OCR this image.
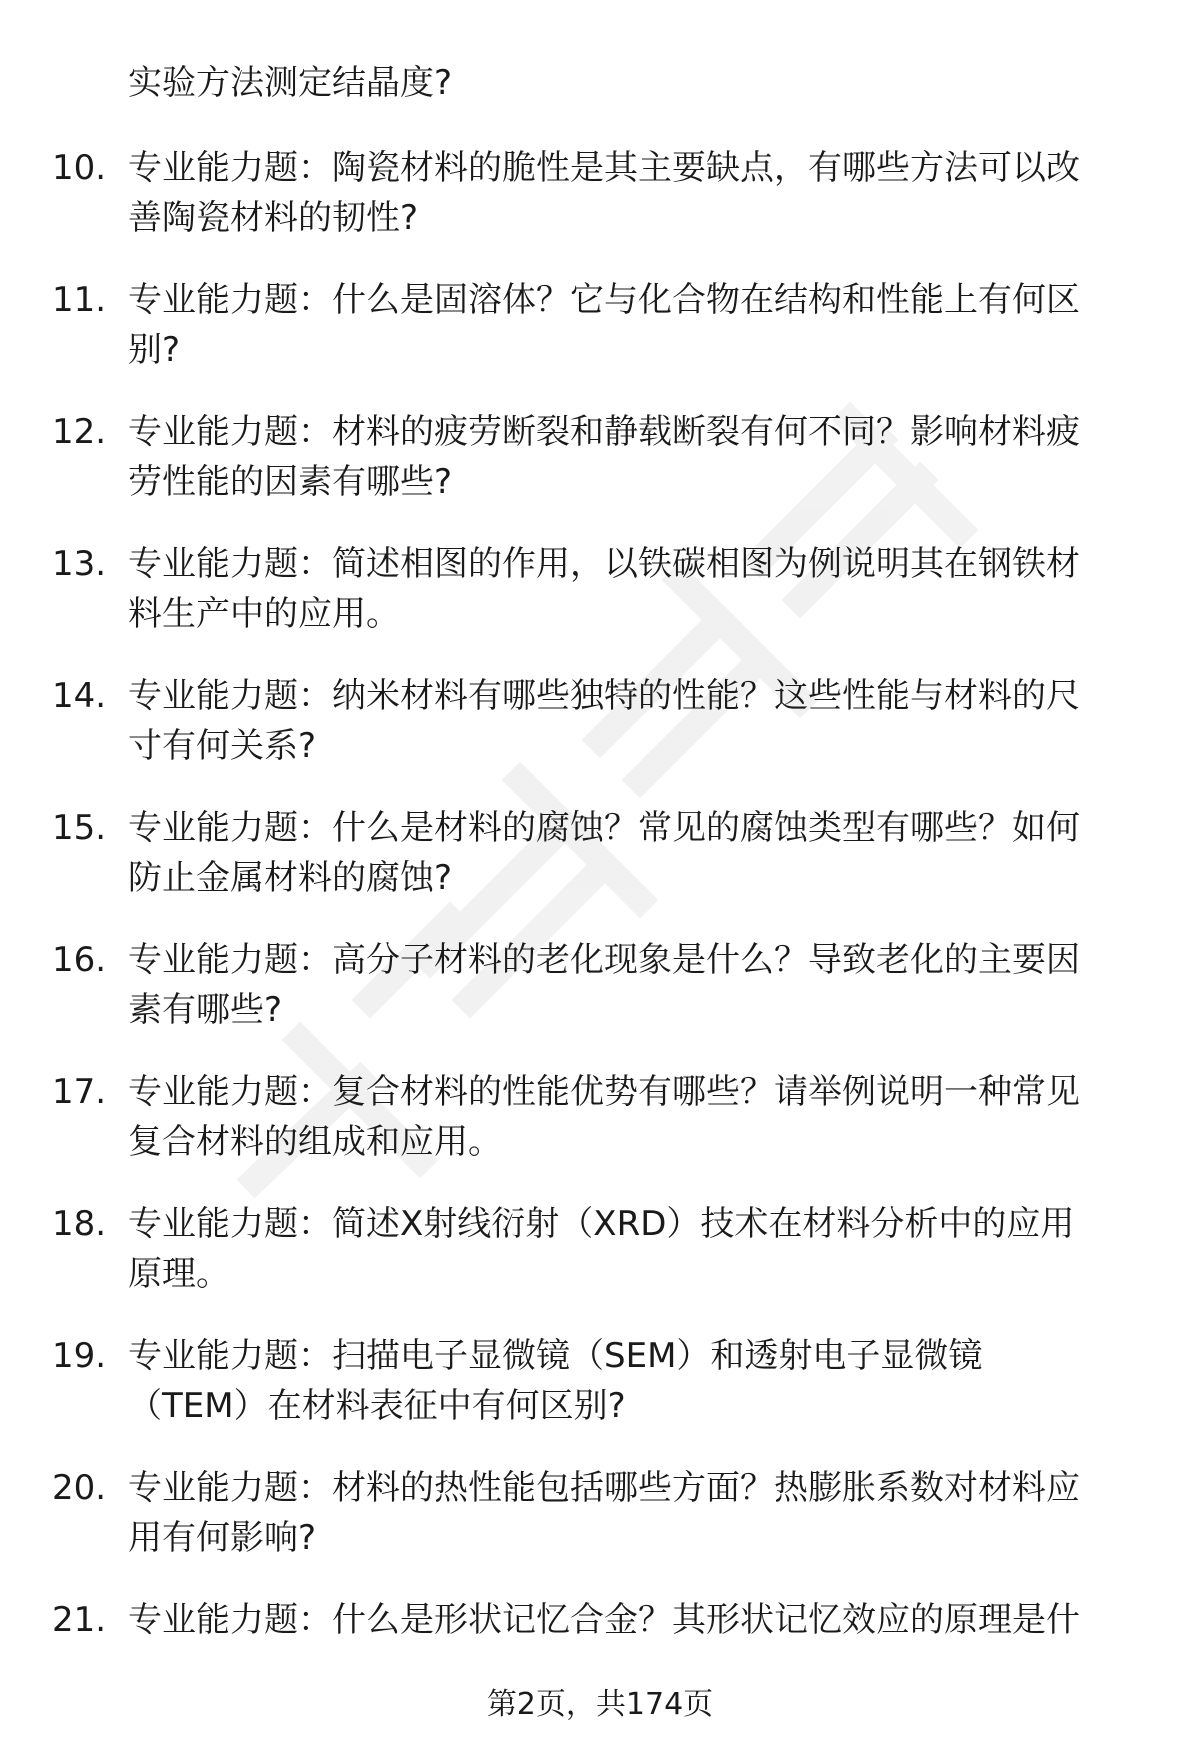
实验方法测定结晶度?

10. 专业能力题：陶瓷材料的脆性是其主要缺点，有哪些方法可以改

善陶瓷材料的韧性?

11. 专业能力题：什么是固溶体？它与化合物在结构和性能上有何区

别?

12. 专业能力题：材料的疲劳断裂和静载断裂有何不同？影响材料疲

劳性能的因素有哪些?

13. 专业能力题：简述相图的作用，以铁碳相图为例说明其在钢铁材

料生产中的应用。

14. 专业能力题：纳米材料有哪些独特的性能？这些性能与材料的尺

寸有何关系?

15. 专业能力题：什么是材料的腐蚀？常见的腐蚀类型有哪些？如何

防止金属材料的腐蚀?

16. 专业能力题：高分子材料的老化现象是什么？导致老化的主要因

素有哪些?

17. 专业能力题：复合材料的性能优势有哪些？请举例说明一种常见

复合材料的组成和应用。

18. 专业能力题：简述X射线衍射（XRD）技术在材料分析中的应用

原理。

19. 专业能力题：扫描电子显微镜（SEM）和透射电子显微镜

（TEM）在材料表征中有何区别?

20. 专业能力题：材料的热性能包括哪些方面？热膨胀系数对材料应

用有何影响?

21. 专业能力题：什么是形状记忆合金？其形状记忆效应的原理是什

第2页，共174页
